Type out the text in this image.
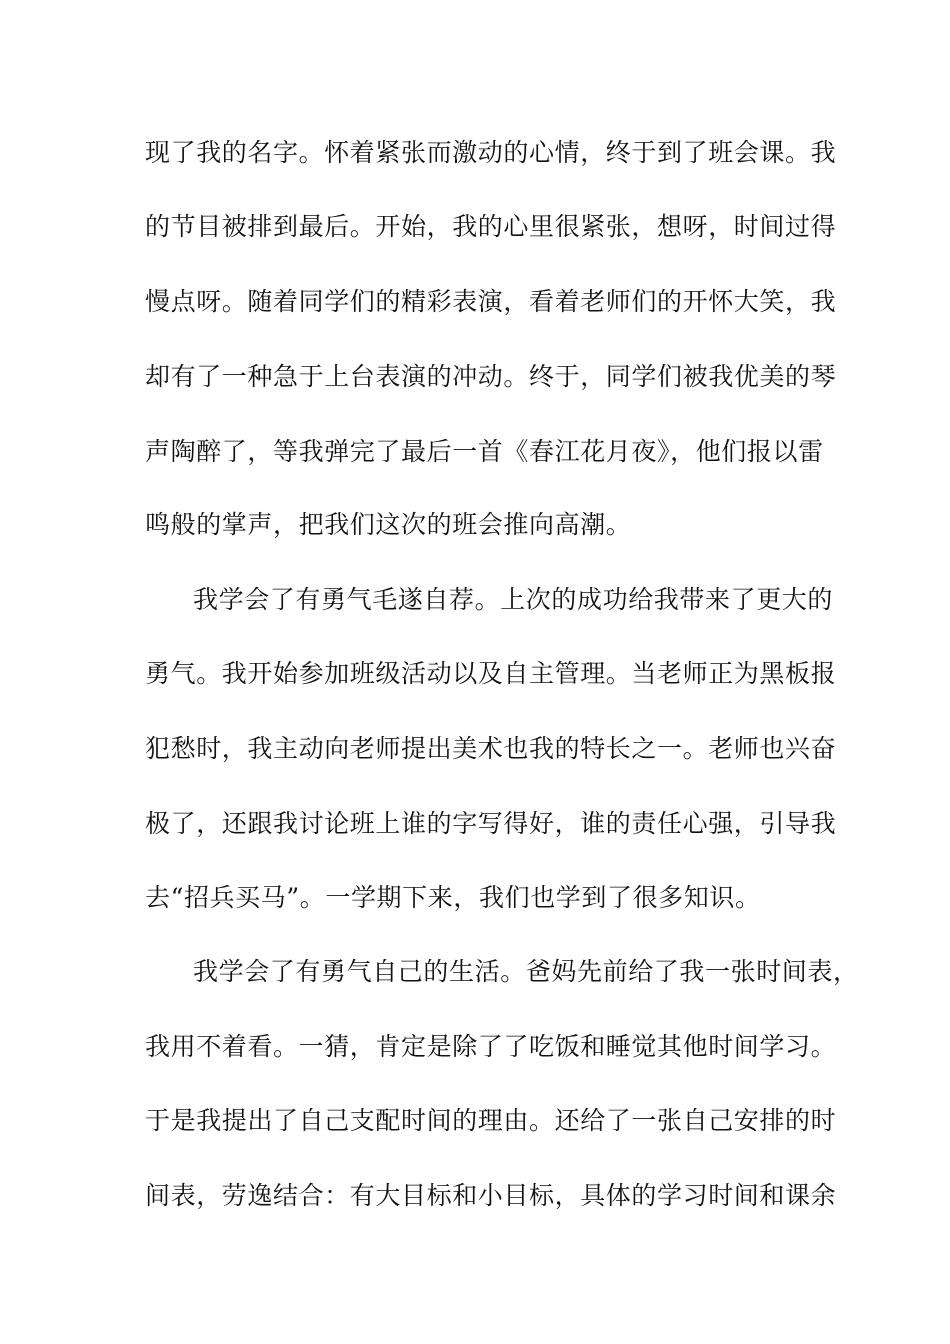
现了我的名字。怀着紧张而激动的心情，终于到了班会课。我
的节目被排到最后。开始，我的心里很紧张，想呀，时间过得
慢点呀。随着同学们的精彩表演，看着老师们的开怀大笑，我
却有了一种急于上台表演的冲动。终于，同学们被我优美的琴
声陶醉了，等我弹完了最后一首《春江花月夜》，他们报以雷
鸣般的掌声，把我们这次的班会推向高潮。
我学会了有勇气毛遂自荐。上次的成功给我带来了更大的
勇气。我开始参加班级活动以及自主管理。当老师正为黑板报
犯愁时，我主动向老师提出美术也我的特长之一。老师也兴奋
极了，还跟我讨论班上谁的字写得好，谁的责任心强，引导我
去“招兵买马”。一学期下来，我们也学到了很多知识。
我学会了有勇气自己的生活。爸妈先前给了我一张时间表，
我用不着看。一猜，肯定是除了了吃饭和睡觉其他时间学习。
于是我提出了自己支配时间的理由。还给了一张自己安排的时
间表，劳逸结合：有大目标和小目标，具体的学习时间和课余
